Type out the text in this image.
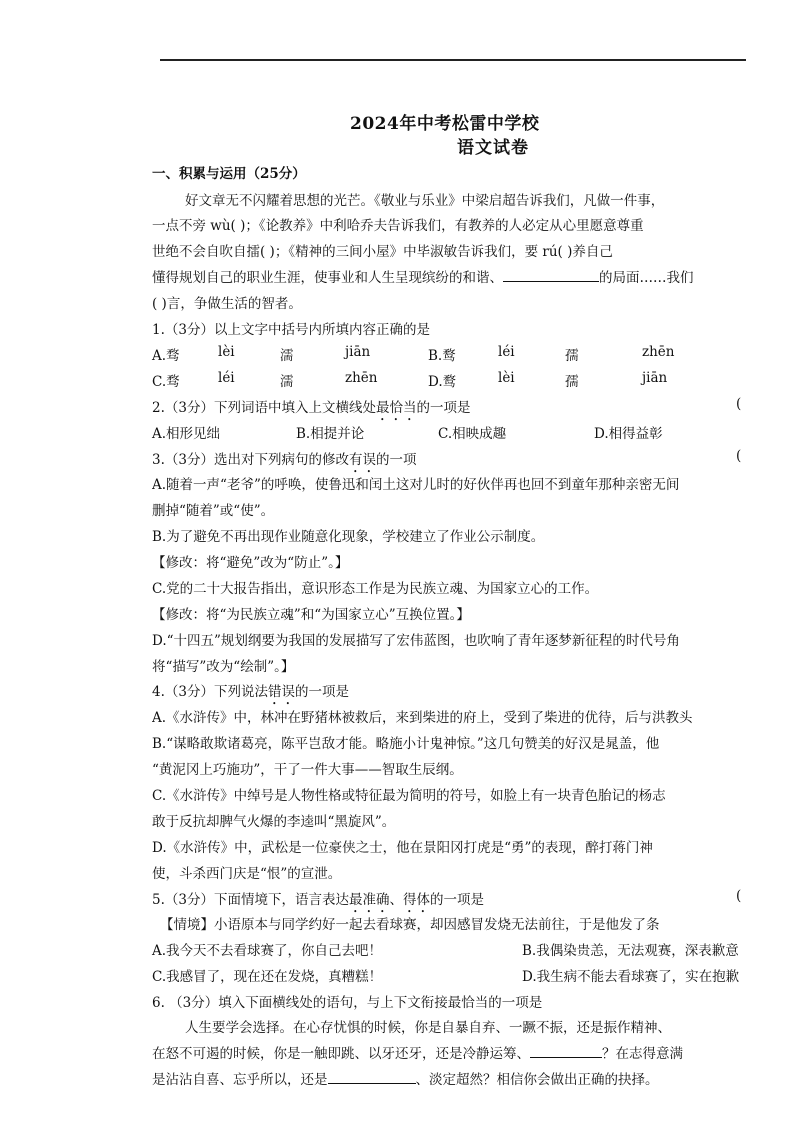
2024年中考松雷中学校
语文试卷
一、积累与运用（25分）
好文章无不闪耀着思想的光芒。《敬业与乐业》中梁启超告诉我们，凡做一件事，
一点不旁 wù( )；《论教养》中利哈乔夫告诉我们，有教养的人必定从心里愿意尊重
世绝不会自吹自擂( )；《精神的三间小屋》中毕淑敏告诉我们，要 rú( )养自己
懂得规划自己的职业生涯，使事业和人生呈现缤纷的和谐、	的局面……我们
( )言，争做生活的智者。
1.（3分）以上文字中括号内所填内容正确的是
A.骛	lèi	濡	jiān	B.鹜	léi	孺	zhēn
C.骛	léi	濡	zhēn	D.鹜	lèi	孺	jiān
2.（3分）下列词语中填入上文横线处最恰当的一项是	(
A.相形见绌	B.相提并论	C.相映成趣	D.相得益彰
3.（3分）选出对下列病句的修改有误的一项	(
A.随着一声“老爷”的呼唤，使鲁迅和闰土这对儿时的好伙伴再也回不到童年那种亲密无间
删掉“随着”或“使”。
B.为了避免不再出现作业随意化现象，学校建立了作业公示制度。
【修改：将“避免”改为“防止”。】
C.党的二十大报告指出，意识形态工作是为民族立魂、为国家立心的工作。
【修改：将“为民族立魂”和“为国家立心”互换位置。】
D.“十四五”规划纲要为我国的发展描写了宏伟蓝图，也吹响了青年逐梦新征程的时代号角
将“描写”改为“绘制”。】
4.（3分）下列说法错误的一项是
A.《水浒传》中，林冲在野猪林被救后，来到柴进的府上，受到了柴进的优待，后与洪教头
B.“谋略敢欺诸葛亮，陈平岂敌才能。略施小计鬼神惊。”这几句赞美的好汉是晁盖，他
“黄泥冈上巧施功”，干了一件大事——智取生辰纲。
C.《水浒传》中绰号是人物性格或特征最为简明的符号，如脸上有一块青色胎记的杨志
敢于反抗却脾气火爆的李逵叫“黑旋风”。
D.《水浒传》中，武松是一位豪侠之士，他在景阳冈打虎是“勇”的表现，醉打蒋门神
使，斗杀西门庆是“恨”的宣泄。
5.（3分）下面情境下，语言表达最准确、得体的一项是	(
【情境】小语原本与同学约好一起去看球赛，却因感冒发烧无法前往，于是他发了条
A.我今天不去看球赛了，你自己去吧！	B.我偶染贵恙，无法观赛，深表歉意
C.我感冒了，现在还在发烧，真糟糕！	D.我生病不能去看球赛了，实在抱歉
6. （3分）填入下面横线处的语句，与上下文衔接最恰当的一项是
人生要学会选择。在心存忧惧的时候，你是自暴自弃、一蹶不振，还是振作精神、
在怒不可遏的时候，你是一触即跳、以牙还牙，还是冷静运筹、	？在志得意满
是沾沾自喜、忘乎所以，还是	、淡定超然？相信你会做出正确的抉择。
